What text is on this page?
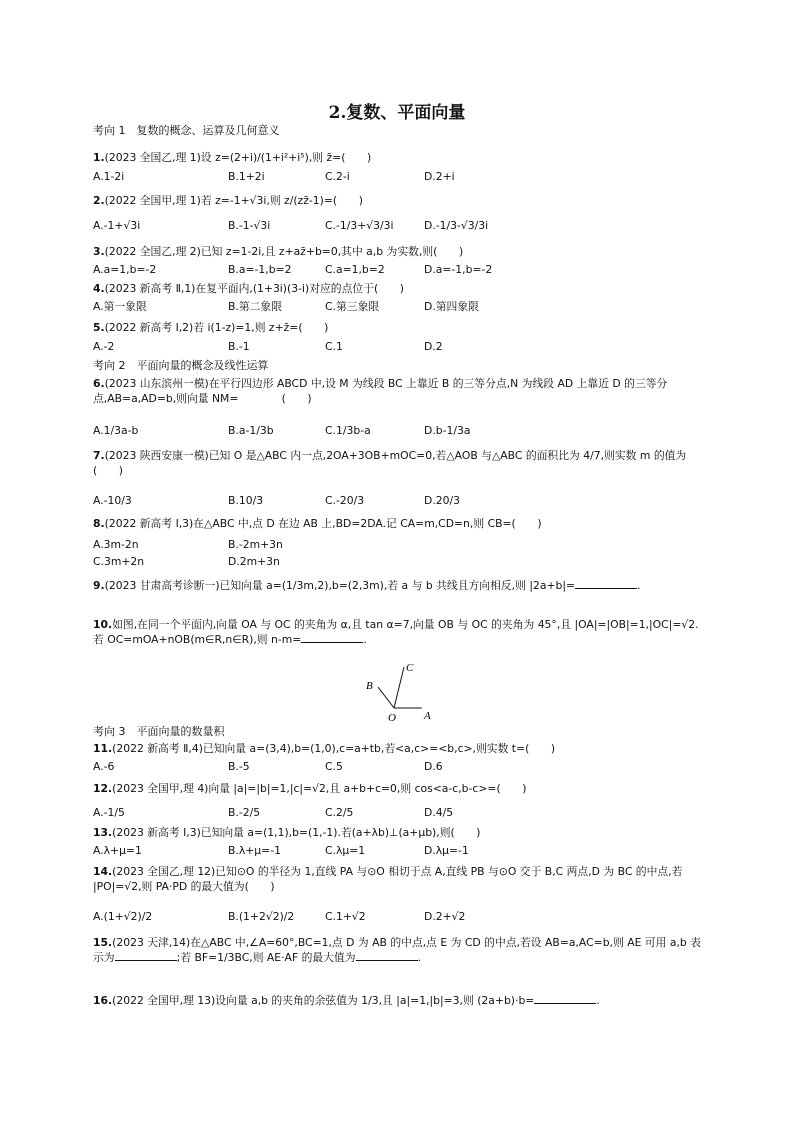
2.复数、平面向量
考向 1　复数的概念、运算及几何意义
1.(2023 全国乙,理 1)设 z=(2+i)/(1+i²+i⁵),则 z̄=(　　)
A.1-2i	B.1+2i	C.2-i	D.2+i
2.(2022 全国甲,理 1)若 z=-1+√3i,则 z/(zz̄-1)=(　　)
A.-1+√3i	B.-1-√3i	C.-1/3+√3/3i	D.-1/3-√3/3i
3.(2022 全国乙,理 2)已知 z=1-2i,且 z+az̄+b=0,其中 a,b 为实数,则(　　)
A.a=1,b=-2	B.a=-1,b=2	C.a=1,b=2	D.a=-1,b=-2
4.(2023 新高考 Ⅱ,1)在复平面内,(1+3i)(3-i)对应的点位于(　　)
A.第一象限	B.第二象限	C.第三象限	D.第四象限
5.(2022 新高考 Ⅰ,2)若 i(1-z)=1,则 z+z̄=(　　)
A.-2	B.-1	C.1	D.2
考向 2　平面向量的概念及线性运算
6.(2023 山东滨州一模)在平行四边形 ABCD 中,设 M 为线段 BC 上靠近 B 的三等分点,N 为线段 AD 上靠近 D 的三等分点,AB=a,AD=b,则向量 NM=　　　　(　　)
A.1/3a-b	B.a-1/3b	C.1/3b-a	D.b-1/3a
7.(2023 陕西安康一模)已知 O 是△ABC 内一点,2OA+3OB+mOC=0,若△AOB 与△ABC 的面积比为 4/7,则实数 m 的值为(　　)
A.-10/3	B.10/3	C.-20/3	D.20/3
8.(2022 新高考 Ⅰ,3)在△ABC 中,点 D 在边 AB 上,BD=2DA.记 CA=m,CD=n,则 CB=(　　)
A.3m-2n	B.-2m+3n
C.3m+2n	D.2m+3n
9.(2023 甘肃高考诊断一)已知向量 a=(1/3m,2),b=(2,3m),若 a 与 b 共线且方向相反,则 |2a+b|=	.
10.如图,在同一个平面内,向量 OA 与 OC 的夹角为 α,且 tan α=7,向量 OB 与 OC 的夹角为 45°,且 |OA|=|OB|=1,|OC|=√2.若 OC=mOA+nOB(m∈R,n∈R),则 n-m=	.
A
B
C
O
考向 3　平面向量的数量积
11.(2022 新高考 Ⅱ,4)已知向量 a=(3,4),b=(1,0),c=a+tb,若<a,c>=<b,c>,则实数 t=(　　)
A.-6	B.-5	C.5	D.6
12.(2023 全国甲,理 4)向量 |a|=|b|=1,|c|=√2,且 a+b+c=0,则 cos<a-c,b-c>=(　　)
A.-1/5	B.-2/5	C.2/5	D.4/5
13.(2023 新高考 Ⅰ,3)已知向量 a=(1,1),b=(1,-1).若(a+λb)⊥(a+μb),则(　　)
A.λ+μ=1	B.λ+μ=-1	C.λμ=1	D.λμ=-1
14.(2023 全国乙,理 12)已知⊙O 的半径为 1,直线 PA 与⊙O 相切于点 A,直线 PB 与⊙O 交于 B,C 两点,D 为 BC 的中点,若 |PO|=√2,则 PA·PD 的最大值为(　　)
A.(1+√2)/2	B.(1+2√2)/2	C.1+√2	D.2+√2
15.(2023 天津,14)在△ABC 中,∠A=60°,BC=1,点 D 为 AB 的中点,点 E 为 CD 的中点,若设 AB=a,AC=b,则 AE 可用 a,b 表示为	;若 BF=1/3BC,则 AE·AF 的最大值为	.
16.(2022 全国甲,理 13)设向量 a,b 的夹角的余弦值为 1/3,且 |a|=1,|b|=3,则 (2a+b)·b=	.
